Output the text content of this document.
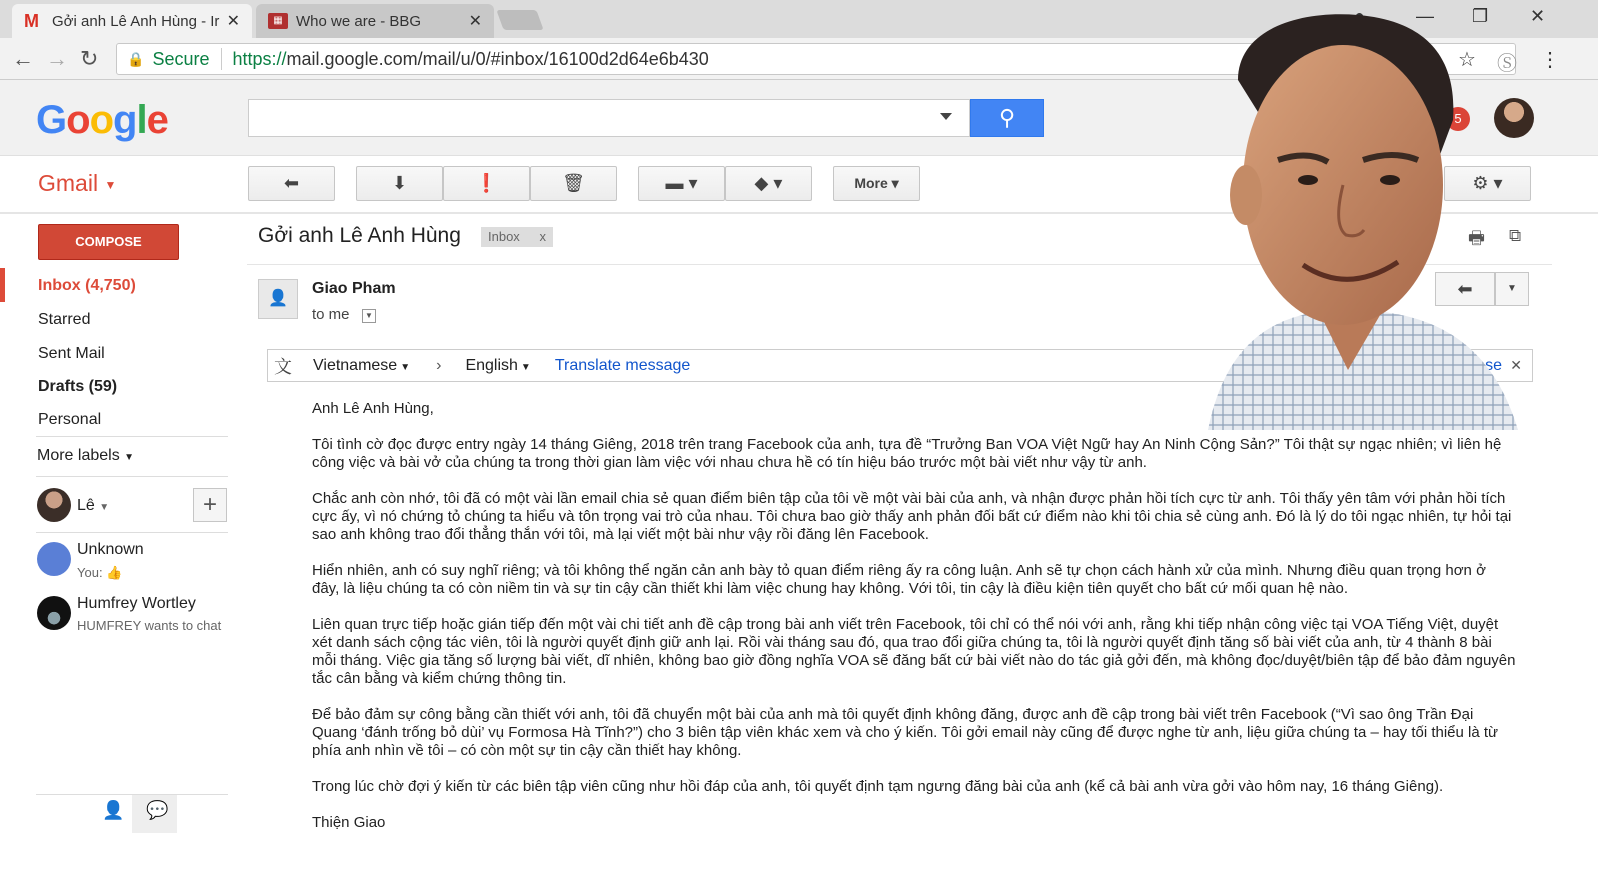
M Gởi anh Lê Anh Hùng - Ir ✕	▦ Who we are - BBG	✕	— ❐ ✕
← → ↻ 🔒 Secure https:// mail.google.com/mail/u/0/#inbox/16100d2d64e6b430	☆ Ⓢ ⋮
Google	⚲	5
Gmail ▼	⬅	⬇	❗	🗑	▬ ▾	◆ ▾	More ▾	⚙ ▾
COMPOSE
Inbox (4,750)
Starred
Sent Mail
Drafts (59)
Personal
More labels ▼
Lê ▼	+
Unknown
You: 👍
Humfrey Wortley
HUMFREY wants to chat
👤 💬
Gởi anh Lê Anh Hùng	Inbox x	🖶 ⧉
👤
Giao Pham
to me	▼
⬅	▼
文	Vietnamese ▼ › English ▼ Translate message	se ✕
Anh Lê Anh Hùng,
Tôi tình cờ đọc được entry ngày 14 tháng Giêng, 2018 trên trang Facebook của anh, tựa đề “Trưởng Ban VOA Việt Ngữ hay An Ninh Cộng Sản?” Tôi thật sự ngạc nhiên; vì liên hệ công việc và bài vở của chúng ta trong thời gian làm việc với nhau chưa hề có tín hiệu báo trước một bài viết như vậy từ anh.
Chắc anh còn nhớ, tôi đã có một vài lần email chia sẻ quan điểm biên tập của tôi về một vài bài của anh, và nhận được phản hồi tích cực từ anh. Tôi thấy yên tâm với phản hồi tích cực ấy, vì nó chứng tỏ chúng ta hiểu và tôn trọng vai trò của nhau. Tôi chưa bao giờ thấy anh phản đối bất cứ điểm nào khi tôi chia sẻ cùng anh. Đó là lý do tôi ngạc nhiên, tự hỏi tại sao anh không trao đổi thẳng thắn với tôi, mà lại viết một bài như vậy rồi đăng lên Facebook.
Hiển nhiên, anh có suy nghĩ riêng; và tôi không thể ngăn cản anh bày tỏ quan điểm riêng ấy ra công luận. Anh sẽ tự chọn cách hành xử của mình. Nhưng điều quan trọng hơn ở đây, là liệu chúng ta có còn niềm tin và sự tin cậy cần thiết khi làm việc chung hay không. Với tôi, tin cậy là điều kiện tiên quyết cho bất cứ mối quan hệ nào.
Liên quan trực tiếp hoặc gián tiếp đến một vài chi tiết anh đề cập trong bài anh viết trên Facebook, tôi chỉ có thể nói với anh, rằng khi tiếp nhận công việc tại VOA Tiếng Việt, duyệt xét danh sách cộng tác viên, tôi là người quyết định giữ anh lại. Rồi vài tháng sau đó, qua trao đổi giữa chúng ta, tôi là người quyết định tăng số bài viết của anh, từ 4 thành 8 bài mỗi tháng. Việc gia tăng số lượng bài viết, dĩ nhiên, không bao giờ đồng nghĩa VOA sẽ đăng bất cứ bài viết nào do tác giả gởi đến, mà không đọc/duyệt/biên tập để bảo đảm nguyên tắc cân bằng và kiểm chứng thông tin.
Để bảo đảm sự công bằng cần thiết với anh, tôi đã chuyển một bài của anh mà tôi quyết định không đăng, được anh đề cập trong bài viết trên Facebook (“Vì sao ông Trần Đại Quang ‘đánh trống bỏ dùi’ vụ Formosa Hà Tĩnh?”) cho 3 biên tập viên khác xem và cho ý kiến. Tôi gởi email này cũng để được nghe từ anh, liệu giữa chúng ta – hay tối thiểu là từ phía anh nhìn về tôi – có còn một sự tin cậy cần thiết hay không.
Trong lúc chờ đợi ý kiến từ các biên tập viên cũng như hồi đáp của anh, tôi quyết định tạm ngưng đăng bài của anh (kể cả bài anh vừa gởi vào hôm nay, 16 tháng Giêng).
Thiện Giao
